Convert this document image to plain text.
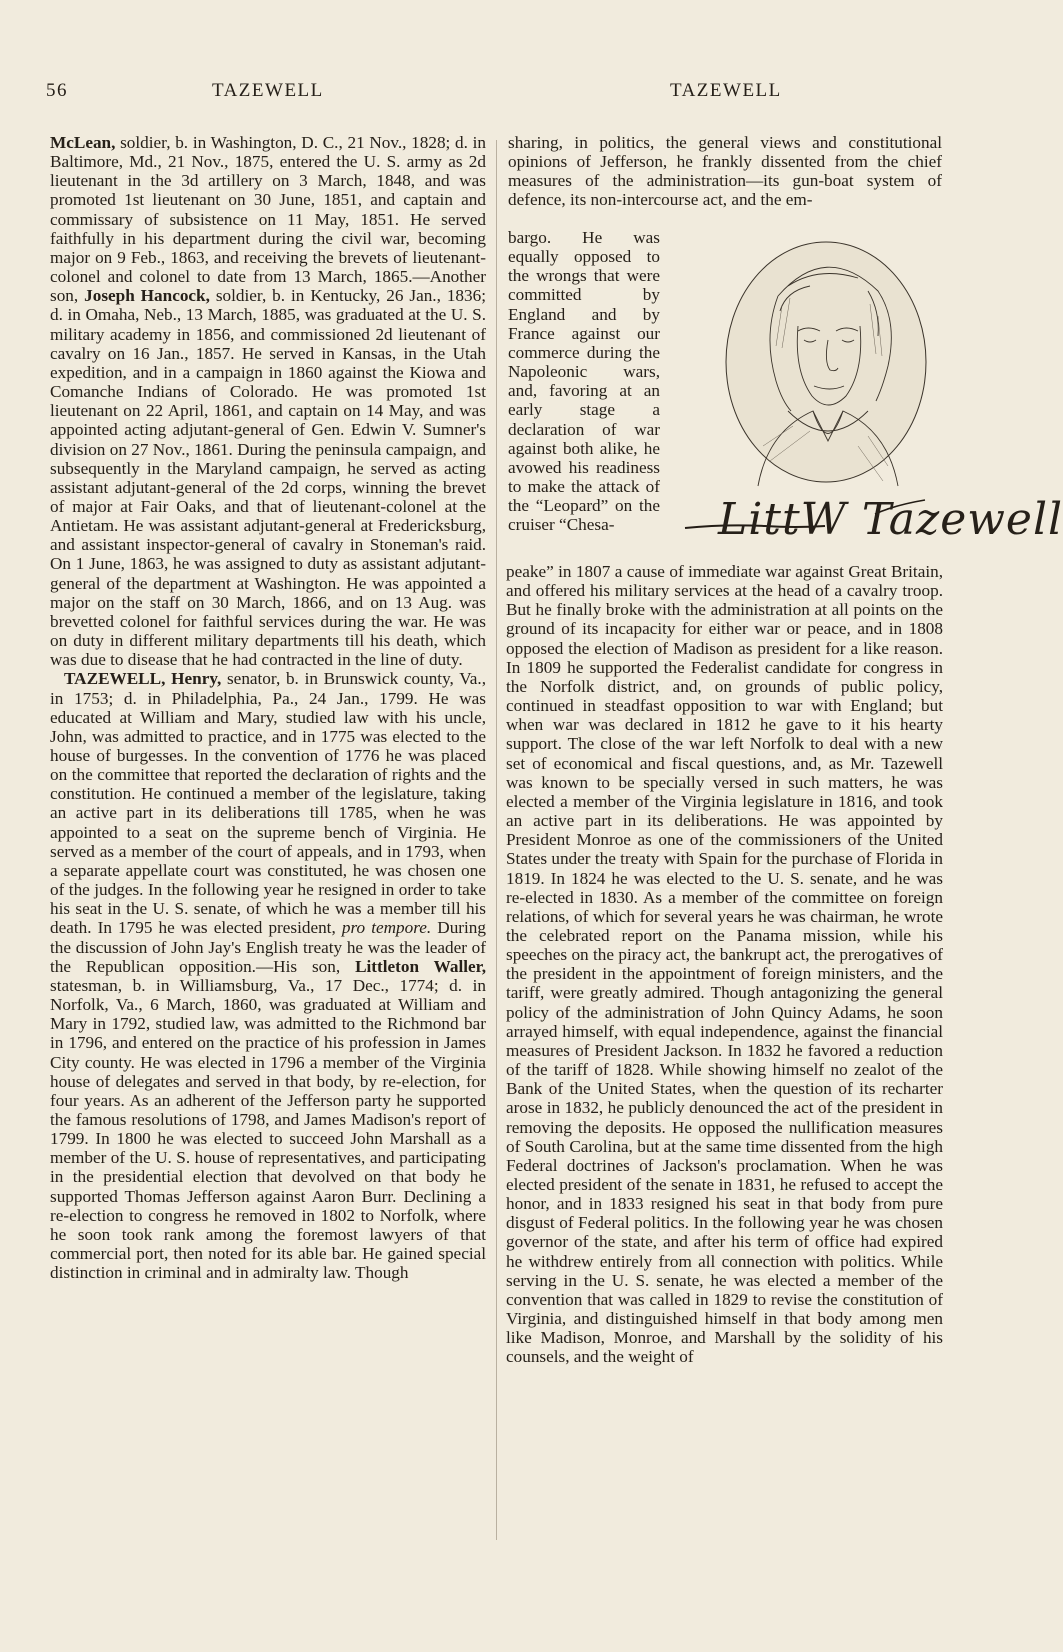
56	TAZEWELL	TAZEWELL

McLean, soldier, b. in Washington, D. C., 21 Nov., 1828; d. in Baltimore, Md., 21 Nov., 1875, entered the U. S. army as 2d lieutenant in the 3d artillery on 3 March, 1848, and was promoted 1st lieutenant on 30 June, 1851, and captain and commissary of subsistence on 11 May, 1851. He served faithfully in his department during the civil war, becoming major on 9 Feb., 1863, and receiving the brevets of lieutenant-colonel and colonel to date from 13 March, 1865.—Another son, Joseph Hancock, soldier, b. in Kentucky, 26 Jan., 1836; d. in Omaha, Neb., 13 March, 1885, was graduated at the U. S. military academy in 1856, and commissioned 2d lieutenant of cavalry on 16 Jan., 1857. He served in Kansas, in the Utah expedition, and in a campaign in 1860 against the Kiowa and Comanche Indians of Colorado. He was promoted 1st lieutenant on 22 April, 1861, and captain on 14 May, and was appointed acting adjutant-general of Gen. Edwin V. Sumner's division on 27 Nov., 1861. During the peninsula campaign, and subsequently in the Maryland campaign, he served as acting assistant adjutant-general of the 2d corps, winning the brevet of major at Fair Oaks, and that of lieutenant-colonel at the Antietam. He was assistant adjutant-general at Fredericksburg, and assistant inspector-general of cavalry in Stoneman's raid. On 1 June, 1863, he was assigned to duty as assistant adjutant-general of the department at Washington. He was appointed a major on the staff on 30 March, 1866, and on 13 Aug. was brevetted colonel for faithful services during the war. He was on duty in different military departments till his death, which was due to disease that he had contracted in the line of duty.

TAZEWELL, Henry, senator, b. in Brunswick county, Va., in 1753; d. in Philadelphia, Pa., 24 Jan., 1799. He was educated at William and Mary, studied law with his uncle, John, was admitted to practice, and in 1775 was elected to the house of burgesses. In the convention of 1776 he was placed on the committee that reported the declaration of rights and the constitution. He continued a member of the legislature, taking an active part in its deliberations till 1785, when he was appointed to a seat on the supreme bench of Virginia. He served as a member of the court of appeals, and in 1793, when a separate appellate court was constituted, he was chosen one of the judges. In the following year he resigned in order to take his seat in the U. S. senate, of which he was a member till his death. In 1795 he was elected president, pro tempore. During the discussion of John Jay's English treaty he was the leader of the Republican opposition.—His son, Littleton Waller, statesman, b. in Williamsburg, Va., 17 Dec., 1774; d. in Norfolk, Va., 6 March, 1860, was graduated at William and Mary in 1792, studied law, was admitted to the Richmond bar in 1796, and entered on the practice of his profession in James City county. He was elected in 1796 a member of the Virginia house of delegates and served in that body, by re-election, for four years. As an adherent of the Jefferson party he supported the famous resolutions of 1798, and James Madison's report of 1799. In 1800 he was elected to succeed John Marshall as a member of the U. S. house of representatives, and participating in the presidential election that devolved on that body he supported Thomas Jefferson against Aaron Burr. Declining a re-election to congress he removed in 1802 to Norfolk, where he soon took rank among the foremost lawyers of that commercial port, then noted for its able bar. He gained special distinction in criminal and in admiralty law. Though

sharing, in politics, the general views and constitutional opinions of Jefferson, he frankly dissented from the chief measures of the administration—its gun-boat system of defence, its non-intercourse act, and the em-
bargo. He was equally opposed to the wrongs that were committed by England and by France against our commerce during the Napoleonic wars, and, favoring at an early stage a declaration of war against both alike, he avowed his readiness to make the attack of the “Leopard” on the cruiser “Chesa-	LittW Tazewell
peake” in 1807 a cause of immediate war against Great Britain, and offered his military services at the head of a cavalry troop. But he finally broke with the administration at all points on the ground of its incapacity for either war or peace, and in 1808 opposed the election of Madison as president for a like reason. In 1809 he supported the Federalist candidate for congress in the Norfolk district, and, on grounds of public policy, continued in steadfast opposition to war with England; but when war was declared in 1812 he gave to it his hearty support. The close of the war left Norfolk to deal with a new set of economical and fiscal questions, and, as Mr. Tazewell was known to be specially versed in such matters, he was elected a member of the Virginia legislature in 1816, and took an active part in its deliberations. He was appointed by President Monroe as one of the commissioners of the United States under the treaty with Spain for the purchase of Florida in 1819. In 1824 he was elected to the U. S. senate, and he was re-elected in 1830. As a member of the committee on foreign relations, of which for several years he was chairman, he wrote the celebrated report on the Panama mission, while his speeches on the piracy act, the bankrupt act, the prerogatives of the president in the appointment of foreign ministers, and the tariff, were greatly admired. Though antagonizing the general policy of the administration of John Quincy Adams, he soon arrayed himself, with equal independence, against the financial measures of President Jackson. In 1832 he favored a reduction of the tariff of 1828. While showing himself no zealot of the Bank of the United States, when the question of its recharter arose in 1832, he publicly denounced the act of the president in removing the deposits. He opposed the nullification measures of South Carolina, but at the same time dissented from the high Federal doctrines of Jackson's proclamation. When he was elected president of the senate in 1831, he refused to accept the honor, and in 1833 resigned his seat in that body from pure disgust of Federal politics. In the following year he was chosen governor of the state, and after his term of office had expired he withdrew entirely from all connection with politics. While serving in the U. S. senate, he was elected a member of the convention that was called in 1829 to revise the constitution of Virginia, and distinguished himself in that body among men like Madison, Monroe, and Marshall by the solidity of his counsels, and the weight of
